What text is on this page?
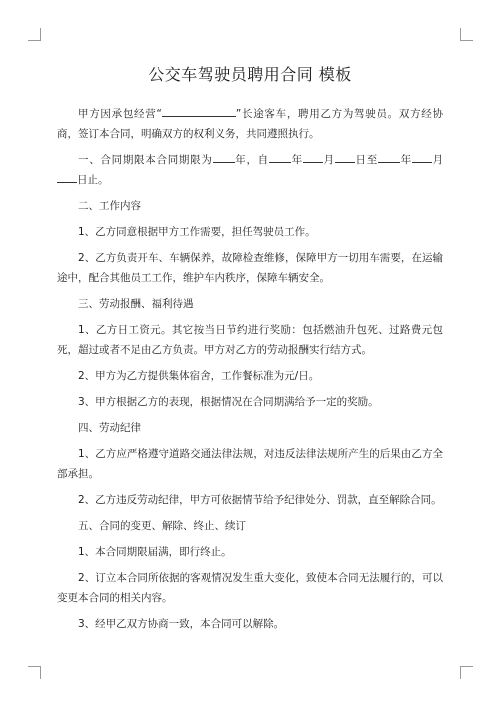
公交车驾驶员聘用合同 模板

甲方因承包经营“	”长途客车，聘用乙方为驾驶员。双方经协商，签订本合同，明确双方的权利义务，共同遵照执行。

一、合同期限本合同期限为 年，自 年 月 日至 年 月日止。

二、工作内容

1、乙方同意根据甲方工作需要，担任驾驶员工作。

2、乙方负责开车、车辆保养，故障检查维修，保障甲方一切用车需要，在运输途中，配合其他员工工作，维护车内秩序，保障车辆安全。

三、劳动报酬、福利待遇

1、乙方日工资元。其它按当日节约进行奖励：包括燃油升包死、过路费元包死，超过或者不足由乙方负责。甲方对乙方的劳动报酬实行结方式。

2、甲方为乙方提供集体宿舍，工作餐标准为元/日。

3、甲方根据乙方的表现，根据情况在合同期满给予一定的奖励。

四、劳动纪律

1、乙方应严格遵守道路交通法律法规，对违反法律法规所产生的后果由乙方全部承担。

2、乙方违反劳动纪律，甲方可依据情节给予纪律处分、罚款，直至解除合同。

五、合同的变更、解除、终止、续订

1、本合同期限届满，即行终止。

2、订立本合同所依据的客观情况发生重大变化，致使本合同无法履行的，可以变更本合同的相关内容。

3、经甲乙双方协商一致，本合同可以解除。
